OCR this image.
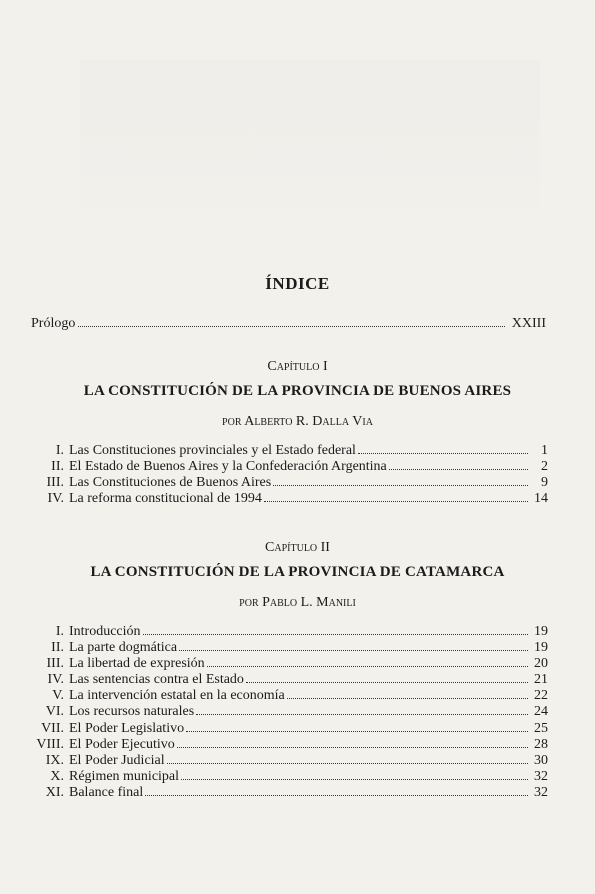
ÍNDICE
Prólogo	XXIII
Capítulo I
LA CONSTITUCIÓN DE LA PROVINCIA DE BUENOS AIRES
por Alberto R. Dalla Via
I. Las Constituciones provinciales y el Estado federal	1
II. El Estado de Buenos Aires y la Confederación Argentina	2
III. Las Constituciones de Buenos Aires	9
IV. La reforma constitucional de 1994	14
Capítulo II
LA CONSTITUCIÓN DE LA PROVINCIA DE CATAMARCA
por Pablo L. Manili
I. Introducción	19
II. La parte dogmática	19
III. La libertad de expresión	20
IV. Las sentencias contra el Estado	21
V. La intervención estatal en la economía	22
VI. Los recursos naturales	24
VII. El Poder Legislativo	25
VIII. El Poder Ejecutivo	28
IX. El Poder Judicial	30
X. Régimen municipal	32
XI. Balance final	32
